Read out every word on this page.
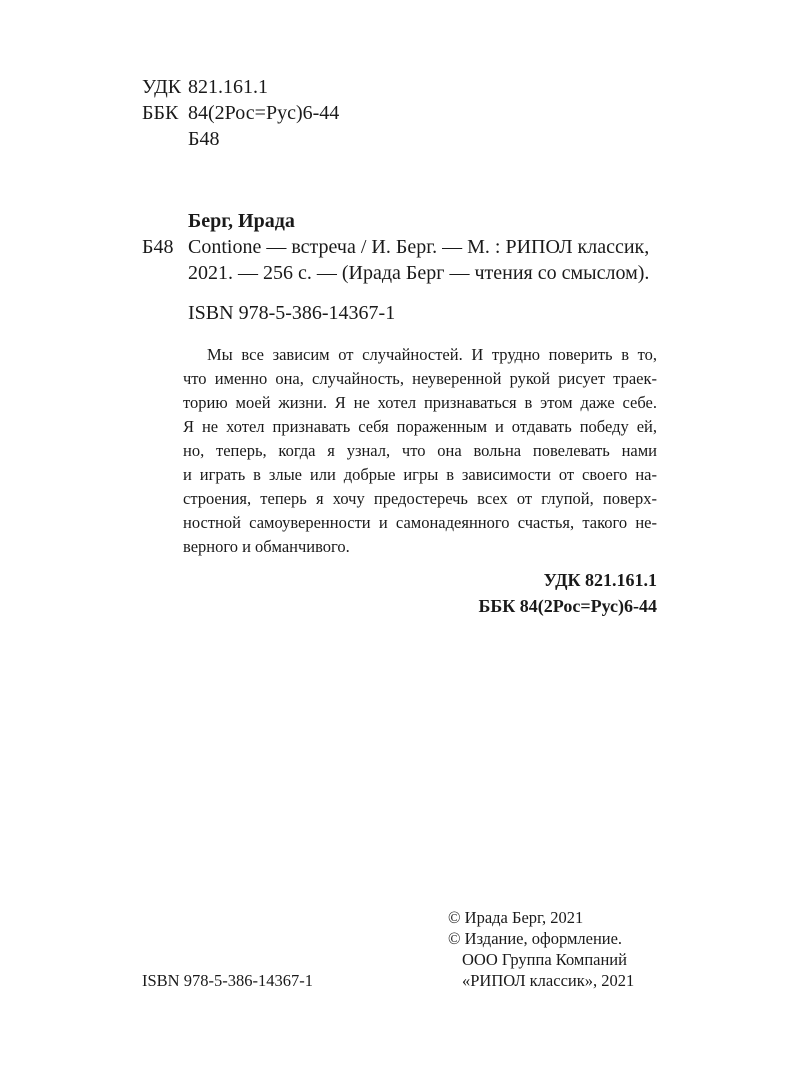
УДК 821.161.1
ББК 84(2Рос=Рус)6-44
Б48
Берг, Ирада
Б48 Contione — встреча / И. Берг. — М. : РИПОЛ классик,
2021. — 256 с. — (Ирада Берг — чтения со смыслом).
ISBN 978-5-386-14367-1
Мы все зависим от случайностей. И трудно поверить в то,
что именно она, случайность, неуверенной рукой рисует траек-
торию моей жизни. Я не хотел признаваться в этом даже себе.
Я не хотел признавать себя пораженным и отдавать победу ей,
но, теперь, когда я узнал, что она вольна повелевать нами
и играть в злые или добрые игры в зависимости от своего на-
строения, теперь я хочу предостеречь всех от глупой, поверх-
ностной самоуверенности и самонадеянного счастья, такого не-
верного и обманчивого.
УДК 821.161.1
ББК 84(2Рос=Рус)6-44
© Ирада Берг, 2021
© Издание, оформление.
ООО Группа Компаний
«РИПОЛ классик», 2021
ISBN 978-5-386-14367-1
